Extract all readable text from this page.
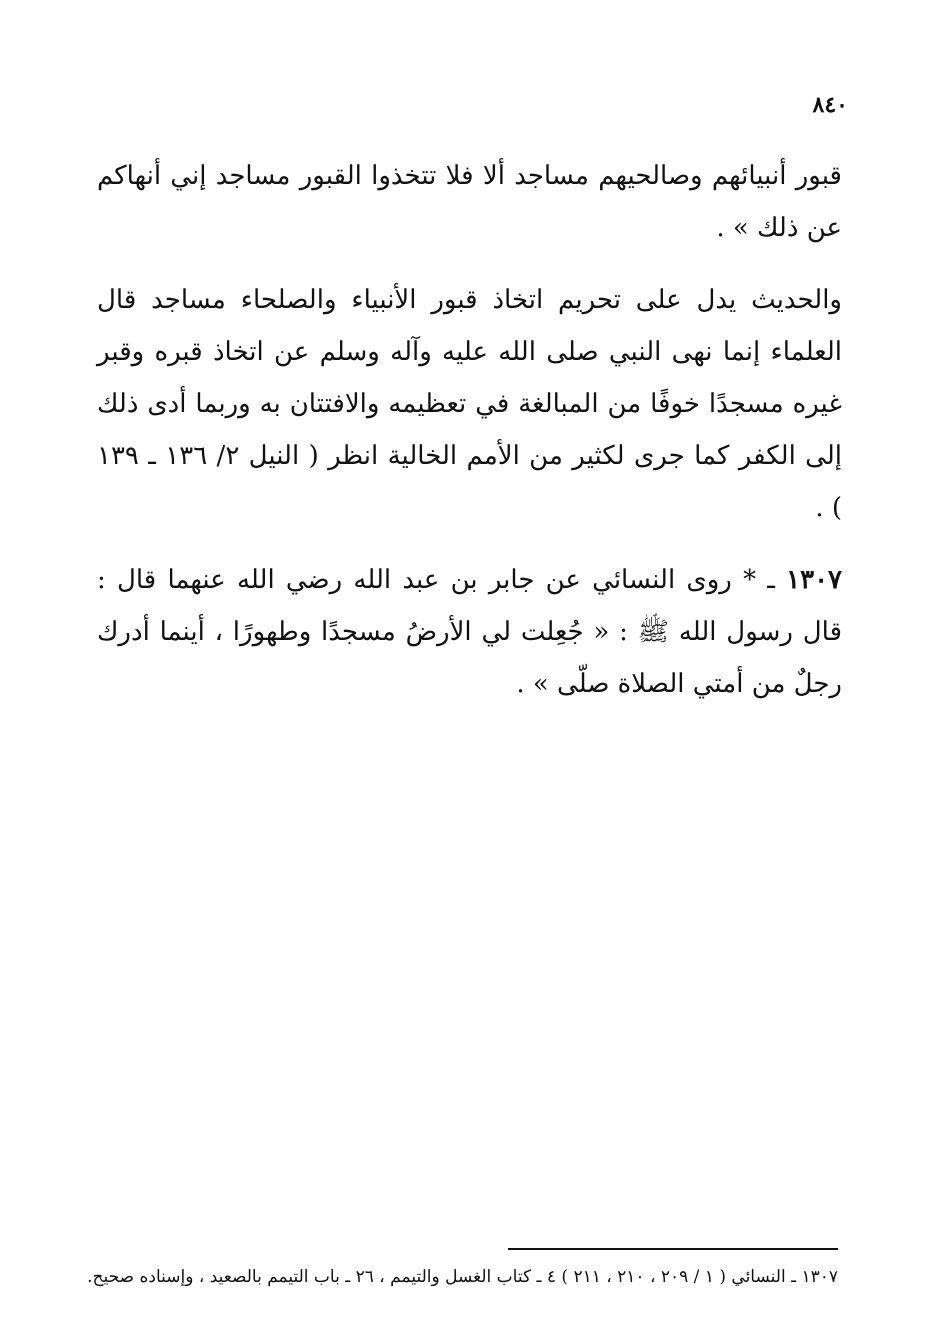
٨٤٠

قبور أنبيائهم وصالحيهم مساجد ألا فلا تتخذوا القبور مساجد إني أنهاكم عن ذلك » .

والحديث يدل على تحريم اتخاذ قبور الأنبياء والصلحاء مساجد قال العلماء إنما نهى النبي صلى الله عليه وآله وسلم عن اتخاذ قبره وقبر غيره مسجدًا خوفًا من المبالغة في تعظيمه والافتتان به وربما أدى ذلك إلى الكفر كما جرى لكثير من الأمم الخالية انظر ( النيل ٢/ ١٣٦ ـ ١٣٩ ) .

١٣٠٧ ـ * روى النسائي عن جابر بن عبد الله رضي الله عنهما قال : قال رسول الله ﷺ : « جُعِلت لي الأرضُ مسجدًا وطهورًا ، أينما أدرك رجلٌ من أمتي الصلاة صلّى » .

١٣٠٧ ـ النسائي ( ١ / ٢٠٩ ، ٢١٠ ، ٢١١ ) ٤ ـ كتاب الغسل والتيمم ، ٢٦ ـ باب التيمم بالصعيد ، وإسناده صحيح.
